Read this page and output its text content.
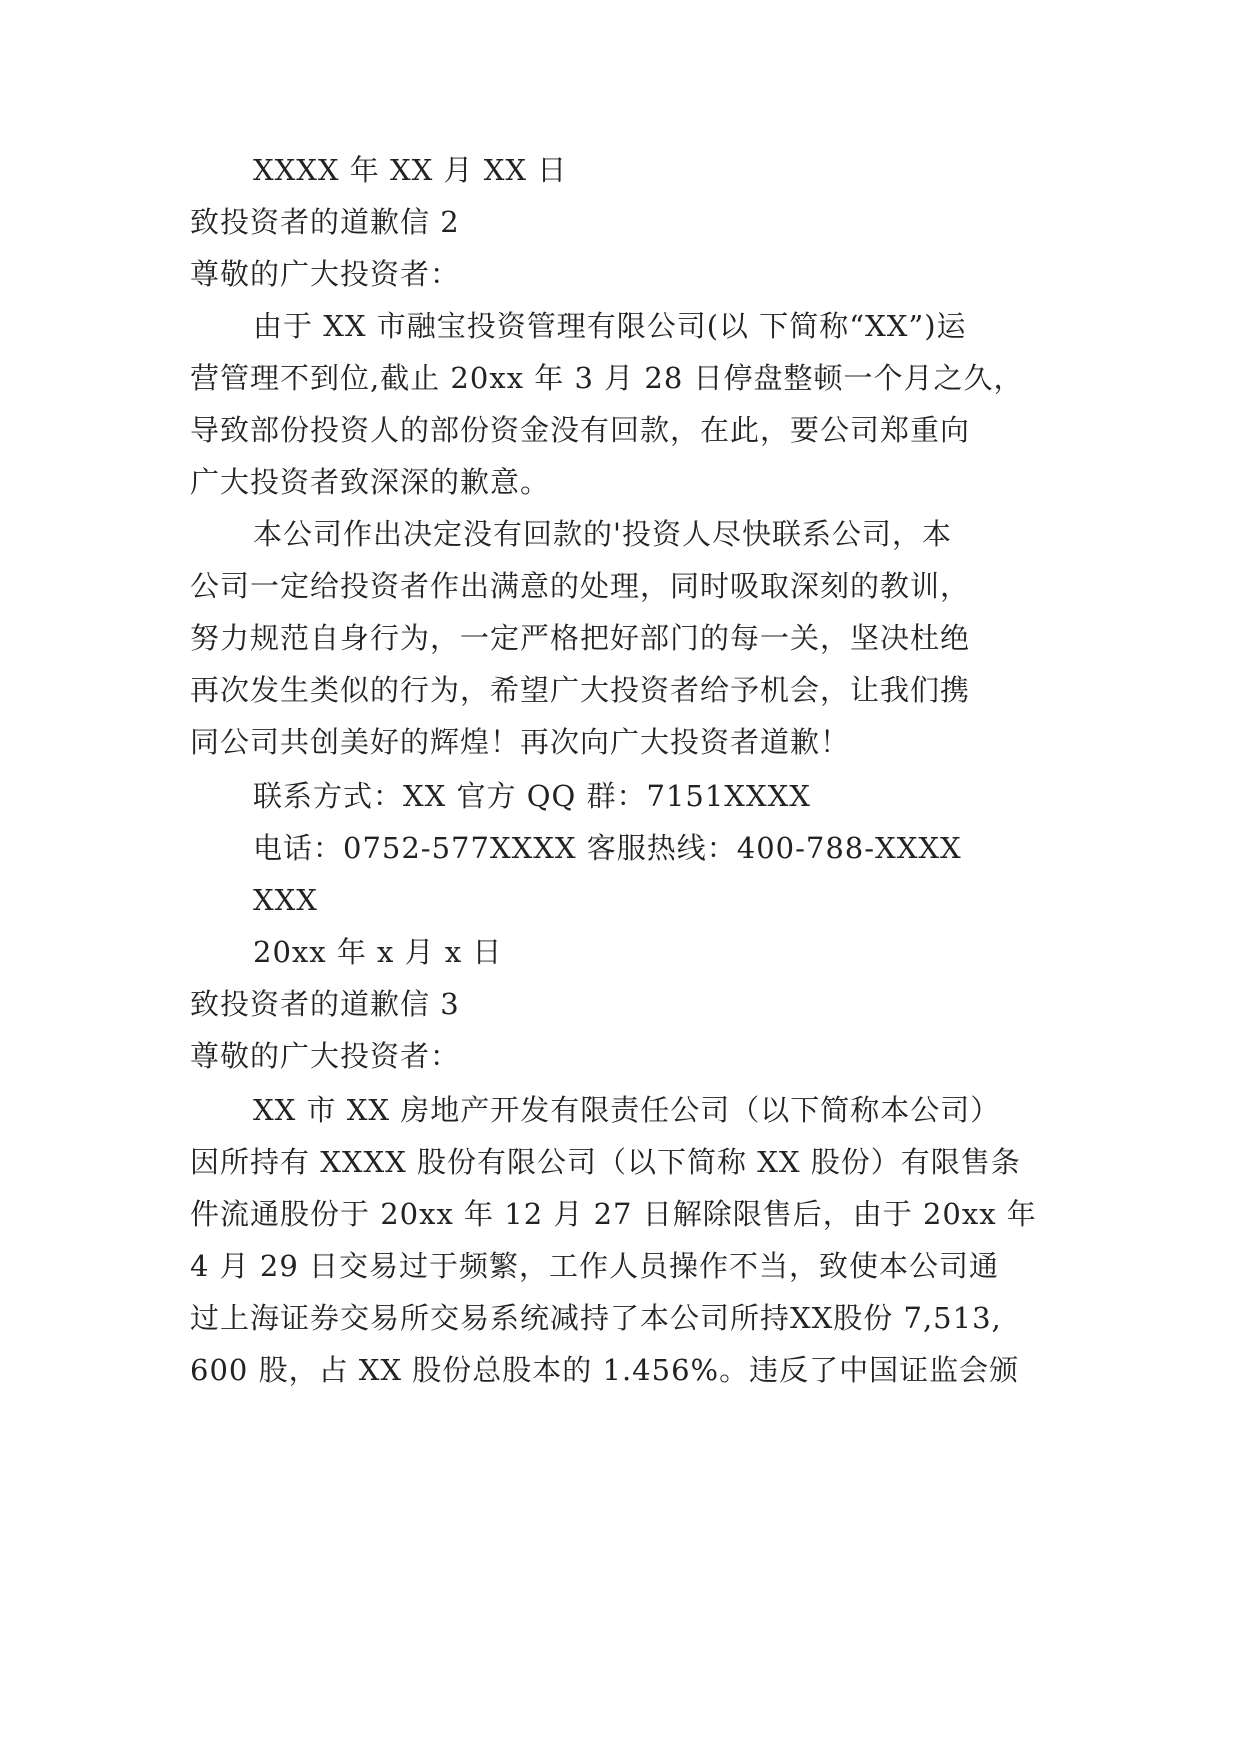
XXXX 年 XX 月 XX 日
致投资者的道歉信 2
尊敬的广大投资者：
由于 XX 市融宝投资管理有限公司(以 下简称“XX”)运
营管理不到位,截止 20xx 年 3 月 28 日停盘整顿一个月之久，
导致部份投资人的部份资金没有回款，在此，要公司郑重向
广大投资者致深深的歉意。
本公司作出决定没有回款的'投资人尽快联系公司，本
公司一定给投资者作出满意的处理，同时吸取深刻的教训，
努力规范自身行为，一定严格把好部门的每一关，坚决杜绝
再次发生类似的行为，希望广大投资者给予机会，让我们携
同公司共创美好的辉煌！再次向广大投资者道歉！
联系方式：XX 官方 QQ 群：7151XXXX
电话：0752-577XXXX 客服热线：400-788-XXXX
XXX
20xx 年 x 月 x 日
致投资者的道歉信 3
尊敬的广大投资者：
XX 市 XX 房地产开发有限责任公司（以下简称本公司）
因所持有 XXXX 股份有限公司（以下简称 XX 股份）有限售条
件流通股份于 20xx 年 12 月 27 日解除限售后，由于 20xx 年
4 月 29 日交易过于频繁，工作人员操作不当，致使本公司通
过上海证券交易所交易系统减持了本公司所持XX股份 7,513,
600 股，占 XX 股份总股本的 1.456%。违反了中国证监会颁
